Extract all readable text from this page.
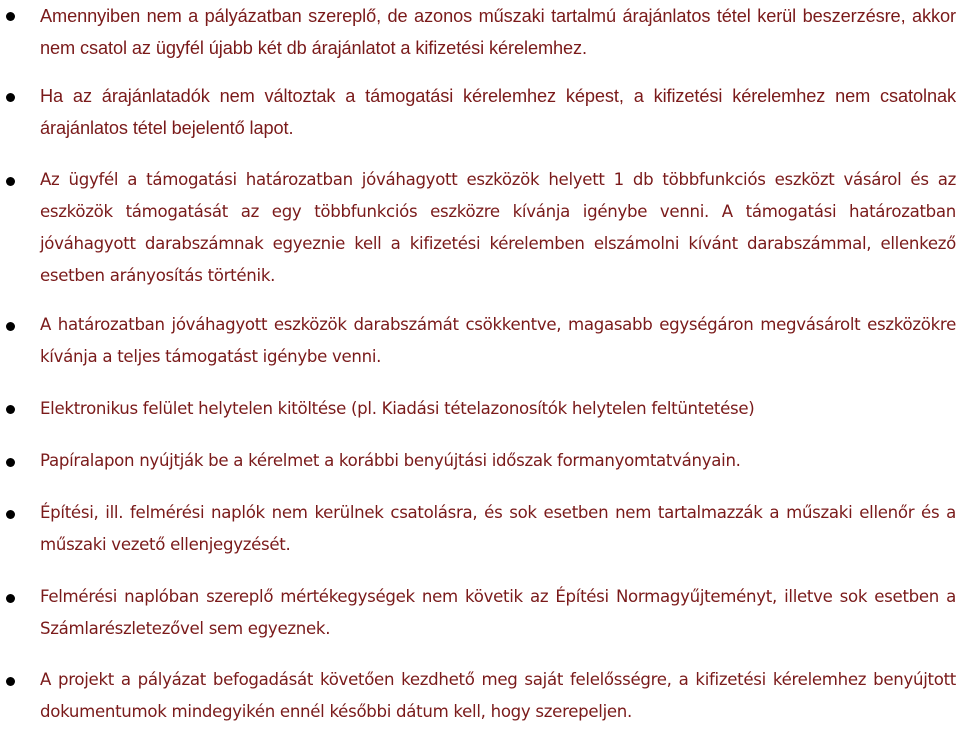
Amennyiben nem a pályázatban szereplő, de azonos műszaki tartalmú árajánlatos tétel kerül beszerzésre, akkor nem csatol az ügyfél újabb két db árajánlatot a kifizetési kérelemhez.
Ha az árajánlatadók nem változtak a támogatási kérelemhez képest, a kifizetési kérelemhez nem csatolnak árajánlatos tétel bejelentő lapot.
Az ügyfél a támogatási határozatban jóváhagyott eszközök helyett 1 db többfunkciós eszközt vásárol és az eszközök támogatását az egy többfunkciós eszközre kívánja igénybe venni. A támogatási határozatban jóváhagyott darabszámnak egyeznie kell a kifizetési kérelemben elszámolni kívánt darabszámmal, ellenkező esetben arányosítás történik.
A határozatban jóváhagyott eszközök darabszámát csökkentve, magasabb egységáron megvásárolt eszközökre kívánja a teljes támogatást igénybe venni.
Elektronikus felület helytelen kitöltése (pl. Kiadási tételazonosítók helytelen feltüntetése)
Papíralapon nyújtják be a kérelmet a korábbi benyújtási időszak formanyomtatványain.
Építési, ill. felmérési naplók nem kerülnek csatolásra, és sok esetben nem tartalmazzák a műszaki ellenőr és a műszaki vezető ellenjegyzését.
Felmérési naplóban szereplő mértékegységek nem követik az Építési Normagyűjteményt, illetve sok esetben a Számlarészletezővel sem egyeznek.
A projekt a pályázat befogadását követően kezdhető meg saját felelősségre, a kifizetési kérelemhez benyújtott dokumentumok mindegyikén ennél későbbi dátum kell, hogy szerepeljen.
